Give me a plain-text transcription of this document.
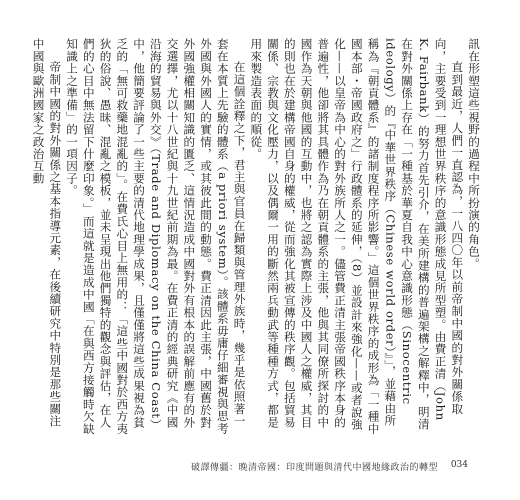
訊在形塑這些視野的過程中所扮演的角色。

直到最近，人們一直認為，一八四〇年以前帝制中國的對外關係取向，主要受到一理想世界秩序的意識形態成見所型塑。由費正清（John K. Fairbank）的努力首先引介，在美所建構的普遍架構之解釋中，明清在對外關係上存在「一種基於華夏自我中心意識形態（Sinocentric ideology）的『中華世界秩序（Chinese world order）』」，並藉由所稱為『朝貢體系』的諸制度程序所影響。」這個世界秩序的成形為「一種中國本部・帝國政府之」行政體系的延伸，（8）並設計來強化——或者說強化——以皇帝為中心的對外族所人之一。儘管費正清主張帝國秩序本身的普遍性，他卻將其具體作為乃在朝貢體系的主張，他與其同僚所探討的中國作為天朝與他國的互動中，也將之認為實際上涉及中國人之權威，其目的則也在於建構帝國自身的權威，從而強化其被宣傳的秩序觀。包括貿易關係、宗教與文化壓力，以及偶爾一用的斷然兩兵動武等種種方式，都是用來製造表面的順從。

在這個詮釋之下，君主與官員在歸類與管理外族時，幾乎是依照著一套在本質上先驗的體系（a priori system）。該體系毋庸仔細審視與思考外國與外國人的實情，或其彼此間的動態。費正清因此主張，中國舊於對外國強權相關知識的匱乏、這情況造成中國對外有根本的誤解前應有的外交選擇，尤以十八世紀與十九世紀前期為最。在費正清的經典研究《中國沿海的貿易與外交》（Trade and Diplomacy on the China Coast）中，他簡要評論了一些主要的清代地理學成果，且僅僅將這些成果視為貧乏的「無可救藥地混亂的」。在費氏心目上無用的：「這些中國對於西方夷狄的俗說、愚昧、混亂之模板，並未呈現出他們獨特的觀念與評估，在人們的心目中無法留下什麼印象。」而這就是造成中國「在與西方接觸時欠缺知識上之準備」的一項因子。

帝制中國的對外關係之基本指導元素，在後續研究中特別是那些關注中國與歐洲國家之政治互動

破譯傳疆：晚清帝國：印度問題與清代中國地緣政治的轉型 034
